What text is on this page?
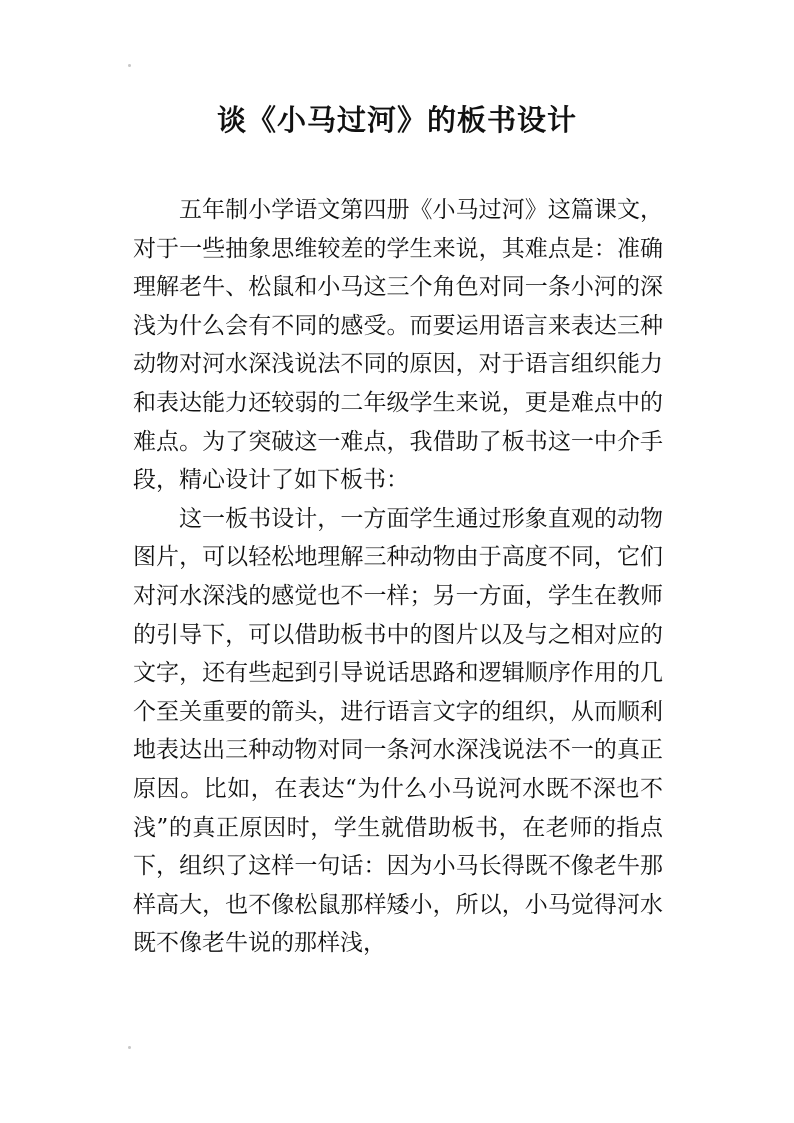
谈《小马过河》的板书设计

五年制小学语文第四册《小马过河》这篇课文，对于一些抽象思维较差的学生来说，其难点是：准确理解老牛、松鼠和小马这三个角色对同一条小河的深浅为什么会有不同的感受。而要运用语言来表达三种动物对河水深浅说法不同的原因，对于语言组织能力和表达能力还较弱的二年级学生来说，更是难点中的难点。为了突破这一难点，我借助了板书这一中介手段，精心设计了如下板书：

这一板书设计，一方面学生通过形象直观的动物图片，可以轻松地理解三种动物由于高度不同，它们对河水深浅的感觉也不一样；另一方面，学生在教师的引导下，可以借助板书中的图片以及与之相对应的文字，还有些起到引导说话思路和逻辑顺序作用的几个至关重要的箭头，进行语言文字的组织，从而顺利地表达出三种动物对同一条河水深浅说法不一的真正原因。比如，在表达“为什么小马说河水既不深也不浅”的真正原因时，学生就借助板书，在老师的指点下，组织了这样一句话：因为小马长得既不像老牛那样高大，也不像松鼠那样矮小，所以，小马觉得河水既不像老牛说的那样浅，
